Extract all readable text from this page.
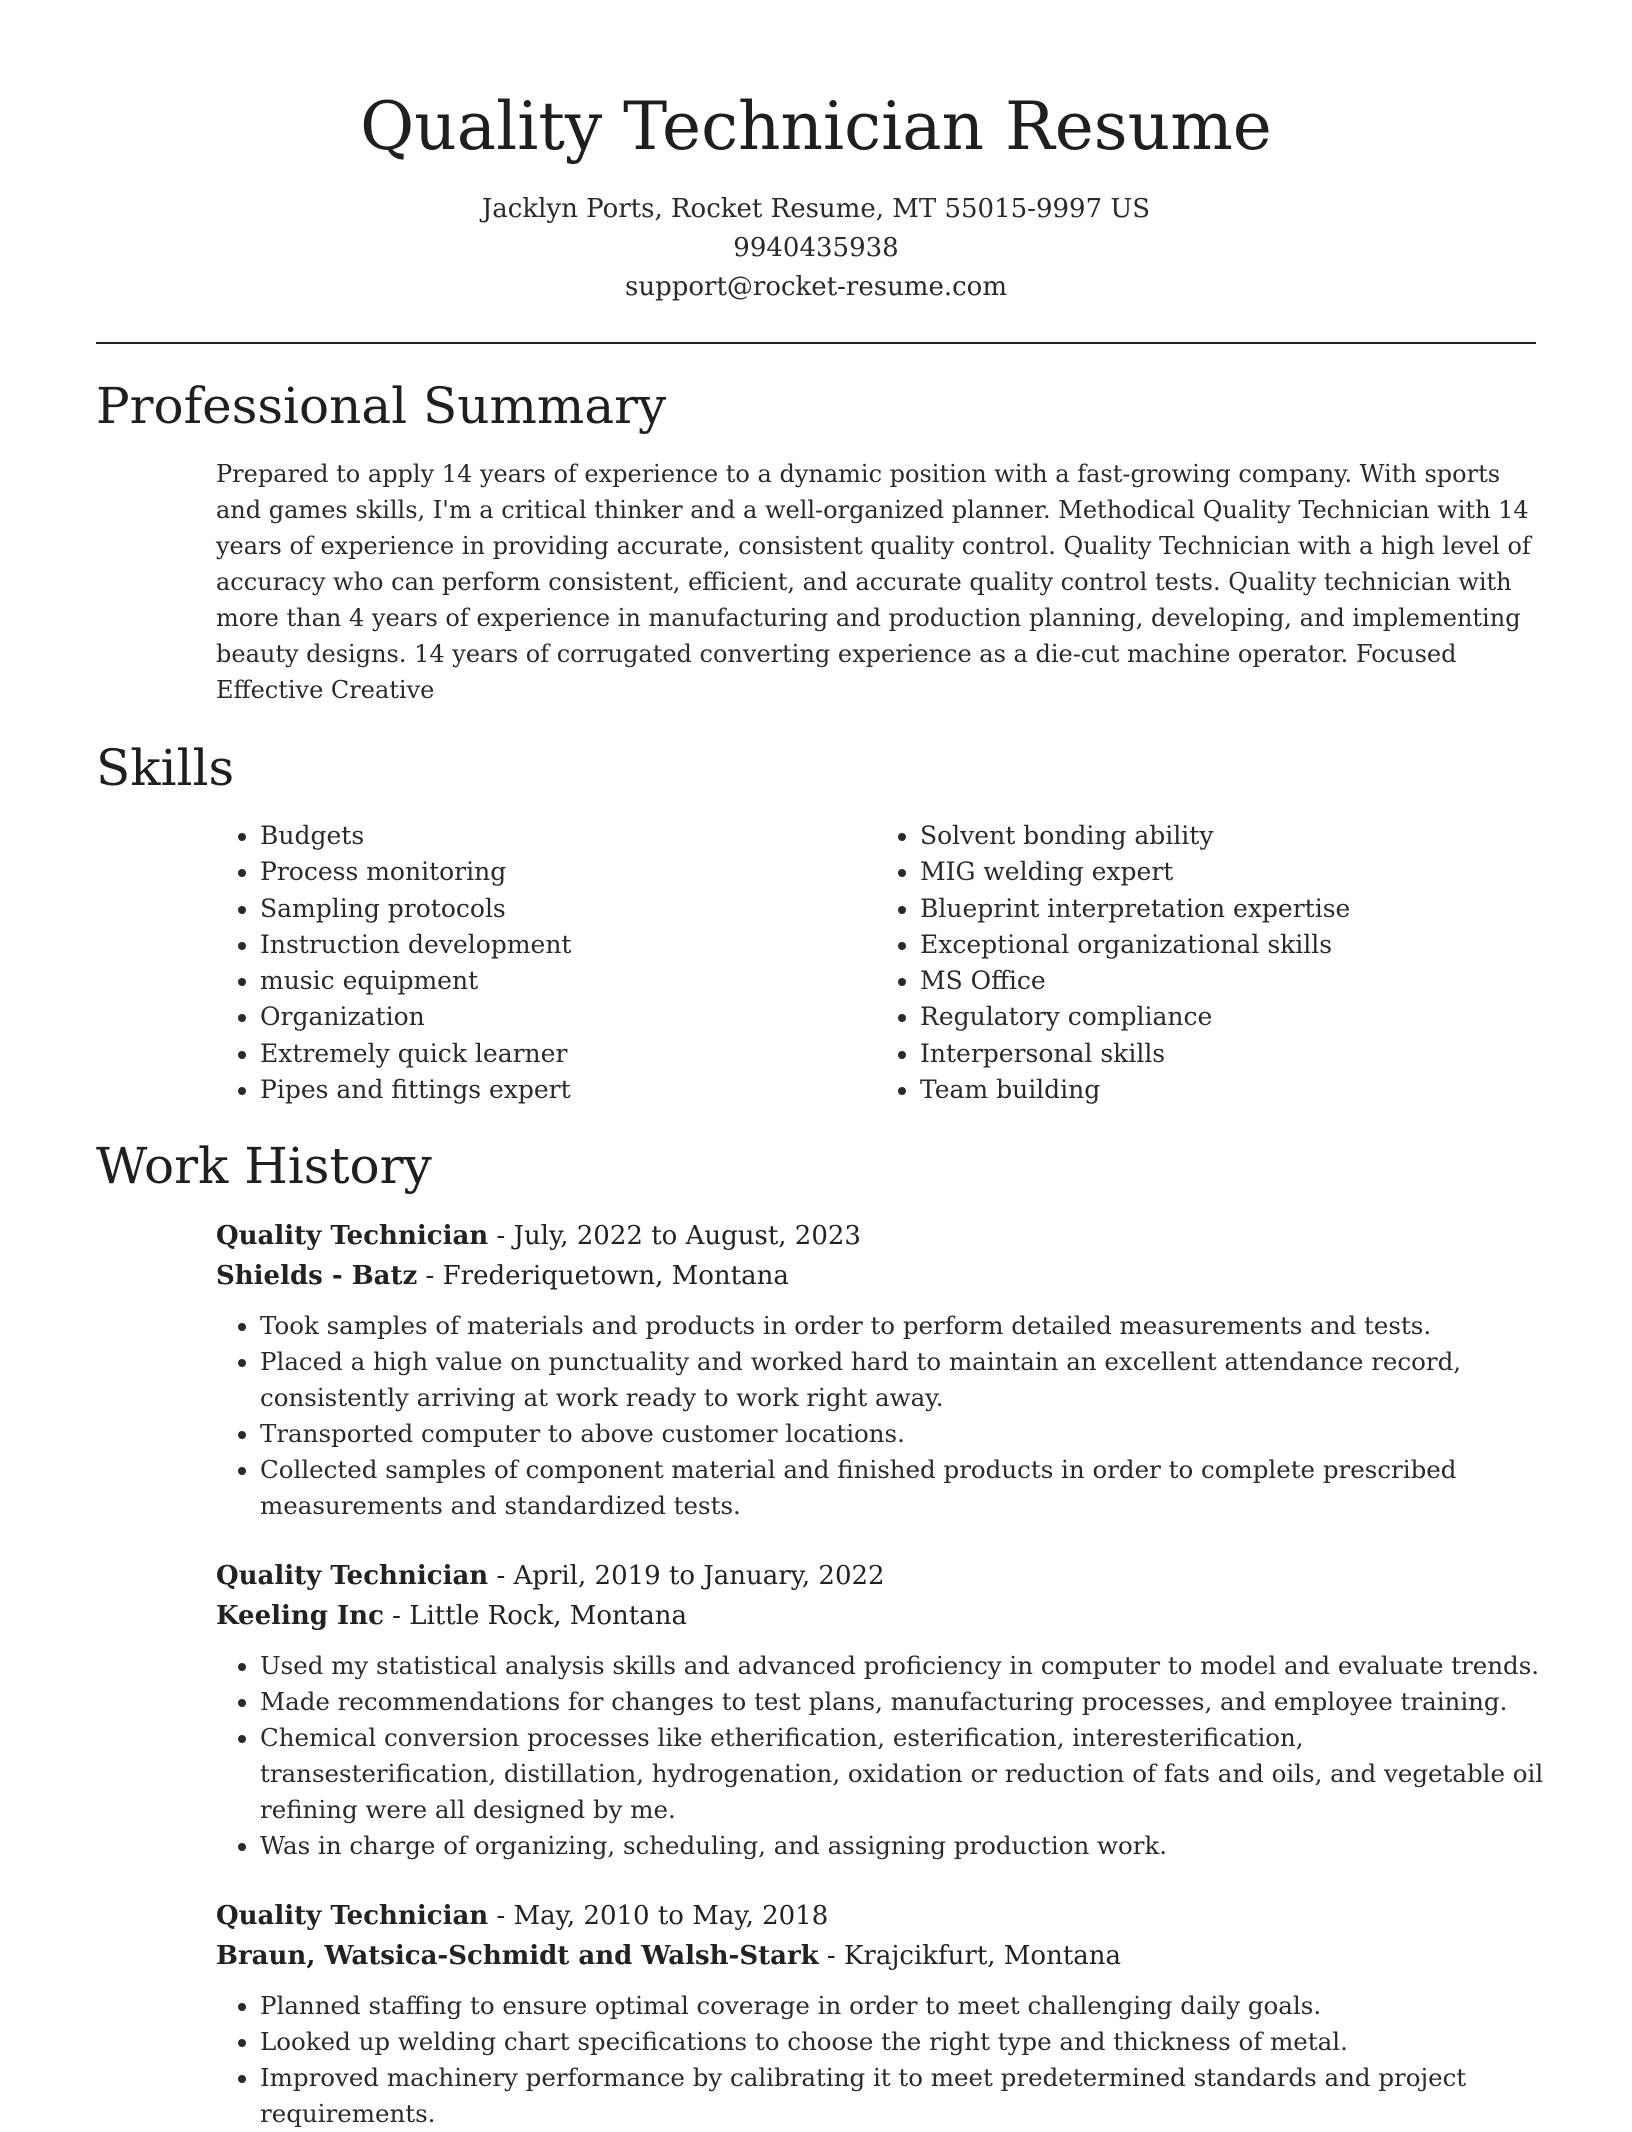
Quality Technician Resume
Jacklyn Ports, Rocket Resume, MT 55015-9997 US
9940435938
support@rocket-resume.com
Professional Summary
Prepared to apply 14 years of experience to a dynamic position with a fast-growing company. With sports and games skills, I'm a critical thinker and a well-organized planner. Methodical Quality Technician with 14 years of experience in providing accurate, consistent quality control. Quality Technician with a high level of accuracy who can perform consistent, efficient, and accurate quality control tests. Quality technician with more than 4 years of experience in manufacturing and production planning, developing, and implementing beauty designs. 14 years of corrugated converting experience as a die-cut machine operator. Focused Effective Creative
Skills
• Budgets
• Process monitoring
• Sampling protocols
• Instruction development
• music equipment
• Organization
• Extremely quick learner
• Pipes and fittings expert
• Solvent bonding ability
• MIG welding expert
• Blueprint interpretation expertise
• Exceptional organizational skills
• MS Office
• Regulatory compliance
• Interpersonal skills
• Team building
Work History
Quality Technician - July, 2022 to August, 2023
Shields - Batz - Frederiquetown, Montana
• Took samples of materials and products in order to perform detailed measurements and tests.
• Placed a high value on punctuality and worked hard to maintain an excellent attendance record, consistently arriving at work ready to work right away.
• Transported computer to above customer locations.
• Collected samples of component material and finished products in order to complete prescribed measurements and standardized tests.
Quality Technician - April, 2019 to January, 2022
Keeling Inc - Little Rock, Montana
• Used my statistical analysis skills and advanced proficiency in computer to model and evaluate trends.
• Made recommendations for changes to test plans, manufacturing processes, and employee training.
• Chemical conversion processes like etherification, esterification, interesterification, transesterification, distillation, hydrogenation, oxidation or reduction of fats and oils, and vegetable oil refining were all designed by me.
• Was in charge of organizing, scheduling, and assigning production work.
Quality Technician - May, 2010 to May, 2018
Braun, Watsica-Schmidt and Walsh-Stark - Krajcikfurt, Montana
• Planned staffing to ensure optimal coverage in order to meet challenging daily goals.
• Looked up welding chart specifications to choose the right type and thickness of metal.
• Improved machinery performance by calibrating it to meet predetermined standards and project requirements.
